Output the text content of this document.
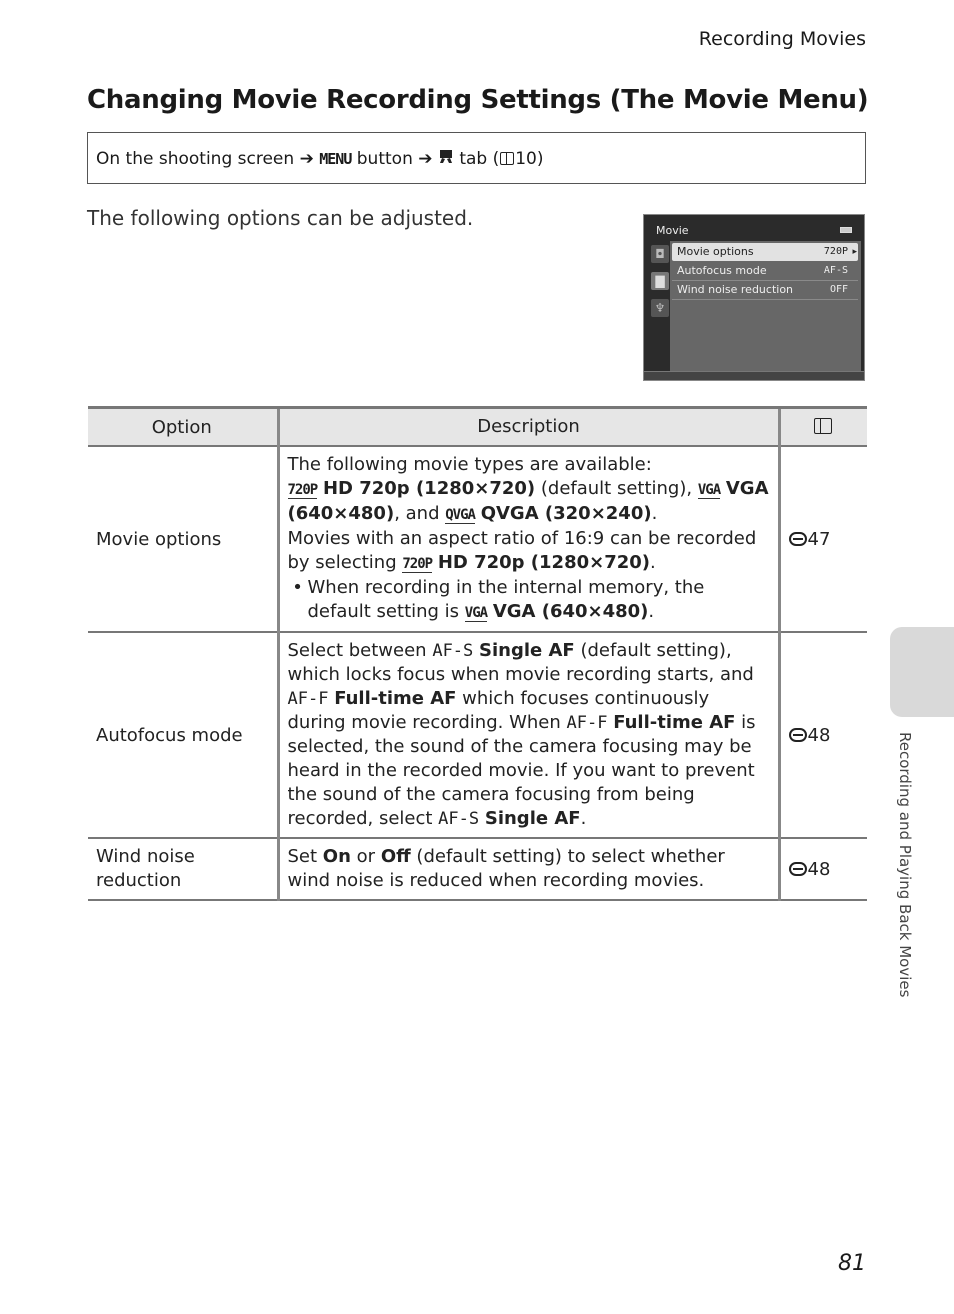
Recording Movies
Changing Movie Recording Settings (The Movie Menu)
On the shooting screen ➔ MENU button ➔ tab ( 10)
The following options can be adjusted.
Movie
◘
▇
♆
Movie options	720P
▸
Autofocus mode	AF-S
Wind noise reduction	OFF
Option	Description	
Movie options	The following movie types are available:
720P HD 720p (1280×720) (default setting), VGA VGA (640×480), and QVGA QVGA (320×240).
Movies with an aspect ratio of 16:9 can be recorded by selecting 720P HD 720p (1280×720).
• When recording in the internal memory, the default setting is VGA VGA (640×480).	47
Autofocus mode	Select between AF-S Single AF (default setting), which locks focus when movie recording starts, and AF-F Full-time AF which focuses continuously during movie recording. When AF-F Full-time AF is selected, the sound of the camera focusing may be heard in the recorded movie. If you want to prevent the sound of the camera focusing from being recorded, select AF-S Single AF.	48
Wind noise reduction	Set On or Off (default setting) to select whether wind noise is reduced when recording movies.	48	Recording and Playing Back Movies
81
